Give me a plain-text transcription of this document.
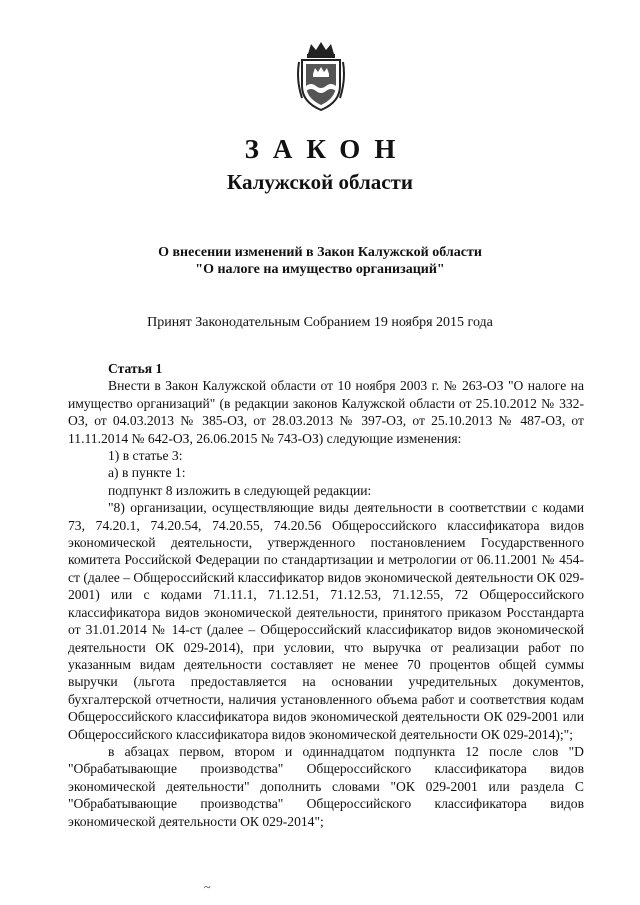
ЗАКОН
Калужской области
О внесении изменений в Закон Калужской области
"О налоге на имущество организаций"
Принят Законодательным Собранием 19 ноября 2015 года
Статья 1

Внести в Закон Калужской области от 10 ноября 2003 г. № 263-ОЗ "О налоге на имущество организаций" (в редакции законов Калужской области от 25.10.2012 № 332-ОЗ, от 04.03.2013 № 385-ОЗ, от 28.03.2013 № 397-ОЗ, от 25.10.2013 № 487-ОЗ, от 11.11.2014 № 642-ОЗ, 26.06.2015 № 743-ОЗ) следующие изменения:

1) в статье 3:

а) в пункте 1:

подпункт 8 изложить в следующей редакции:

"8) организации, осуществляющие виды деятельности в соответствии с кодами 73, 74.20.1, 74.20.54, 74.20.55, 74.20.56 Общероссийского классификатора видов экономической деятельности, утвержденного постановлением Государственного комитета Российской Федерации по стандартизации и метрологии от 06.11.2001 № 454-ст (далее – Общероссийский классификатор видов экономической деятельности ОК 029-2001) или с кодами 71.11.1, 71.12.51, 71.12.53, 71.12.55, 72 Общероссийского классификатора видов экономической деятельности, принятого приказом Росстандарта от 31.01.2014 № 14-ст (далее – Общероссийский классификатор видов экономической деятельности ОК 029-2014), при условии, что выручка от реализации работ по указанным видам деятельности составляет не менее 70 процентов общей суммы выручки (льгота предоставляется на основании учредительных документов, бухгалтерской отчетности, наличия установленного объема работ и соответствия кодам Общероссийского классификатора видов экономической деятельности ОК 029-2001 или Общероссийского классификатора видов экономической деятельности ОК 029-2014);";

в абзацах первом, втором и одиннадцатом подпункта 12 после слов "D "Обрабатывающие производства" Общероссийского классификатора видов экономической деятельности" дополнить словами "ОК 029-2001 или раздела С "Обрабатывающие производства" Общероссийского классификатора видов экономической деятельности ОК 029-2014";

~
